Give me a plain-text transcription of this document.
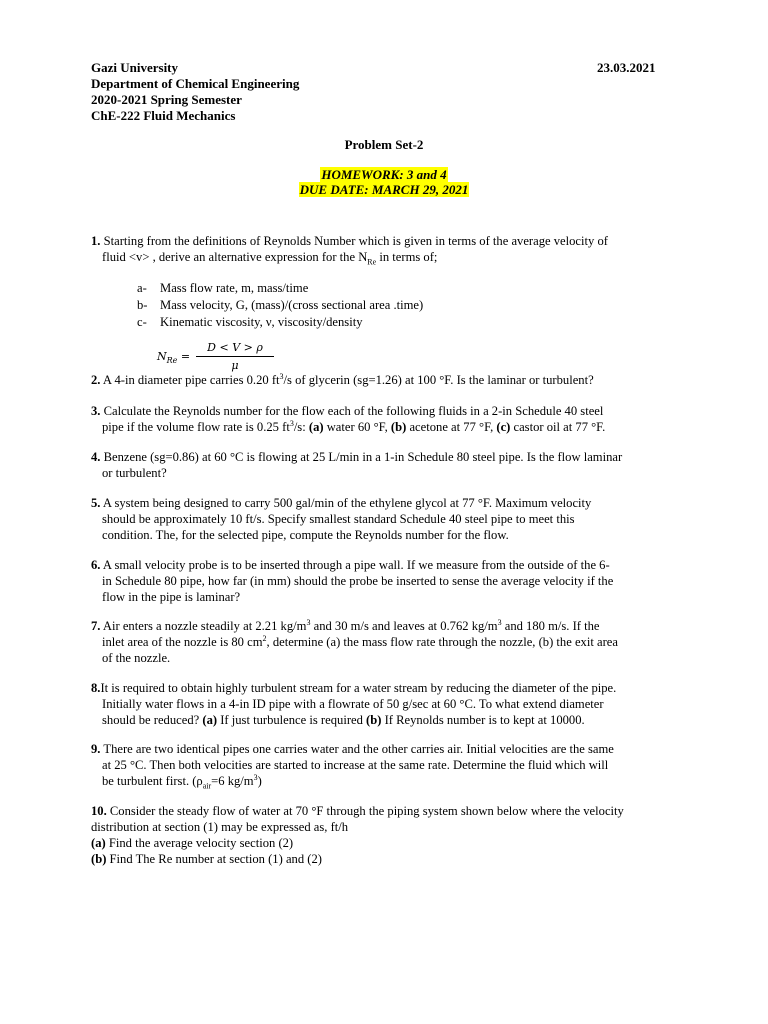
Gazi University
Department of Chemical Engineering
2020-2021 Spring Semester
ChE-222 Fluid Mechanics
23.03.2021
Problem Set-2
HOMEWORK: 3 and 4
DUE DATE: MARCH 29, 2021

1. Starting from the definitions of Reynolds Number which is given in terms of the average velocity of

fluid <v> , derive an alternative expression for the $N_{Re}$ in terms of;

a-	Mass flow rate, m, mass/time
b- Mass velocity, G, (mass)/(cross sectional area .time)
c-	Kinematic viscosity, ν, viscosity/density
$N_{Re} = \frac{D < V > \rho}{\mu}$

2. A 4-in diameter pipe carries 0.20 $ft^3/s$ of glycerin (sg=1.26) at 100 °F. Is the laminar or turbulent?

3. Calculate the Reynolds number for the flow each of the following fluids in a 2-in Schedule 40 steel

pipe if the volume flow rate is 0.25 $ft^3/s$: (a) water 60 °F, (b) acetone at 77 °F, (c) castor oil at 77 °F.

4. Benzene (sg=0.86) at 60 °C is flowing at 25 L/min in a 1-in Schedule 80 steel pipe. Is the flow laminar

or turbulent?

5. A system being designed to carry 500 gal/min of the ethylene glycol at 77 °F. Maximum velocity

should be approximately 10 ft/s. Specify smallest standard Schedule 40 steel pipe to meet this

condition. The, for the selected pipe, compute the Reynolds number for the flow.

6. A small velocity probe is to be inserted through a pipe wall. If we measure from the outside of the 6-

in Schedule 80 pipe, how far (in mm) should the probe be inserted to sense the average velocity if the

flow in the pipe is laminar?

7. Air enters a nozzle steadily at 2.21 $kg/m^3$ and 30 m/s and leaves at 0.762 $kg/m^3$ and 180 m/s. If the

inlet area of the nozzle is 80 $cm^2$, determine (a) the mass flow rate through the nozzle, (b) the exit area

of the nozzle.

8.It is required to obtain highly turbulent stream for a water stream by reducing the diameter of the pipe.

Initially water flows in a 4-in ID pipe with a flowrate of 50 g/sec at 60 °C. To what extend diameter

should be reduced? (a) If just turbulence is required (b) If Reynolds number is to kept at 10000.

9. There are two identical pipes one carries water and the other carries air. Initial velocities are the same

at 25 °C. Then both velocities are started to increase at the same rate. Determine the fluid which will

be turbulent first. ($\rho_{air}=6$ $kg/m^3$)

10. Consider the steady flow of water at 70 °F through the piping system shown below where the velocity

distribution at section (1) may be expressed as, ft/h

(a) Find the average velocity section (2)

(b) Find The Re number at section (1) and (2)
